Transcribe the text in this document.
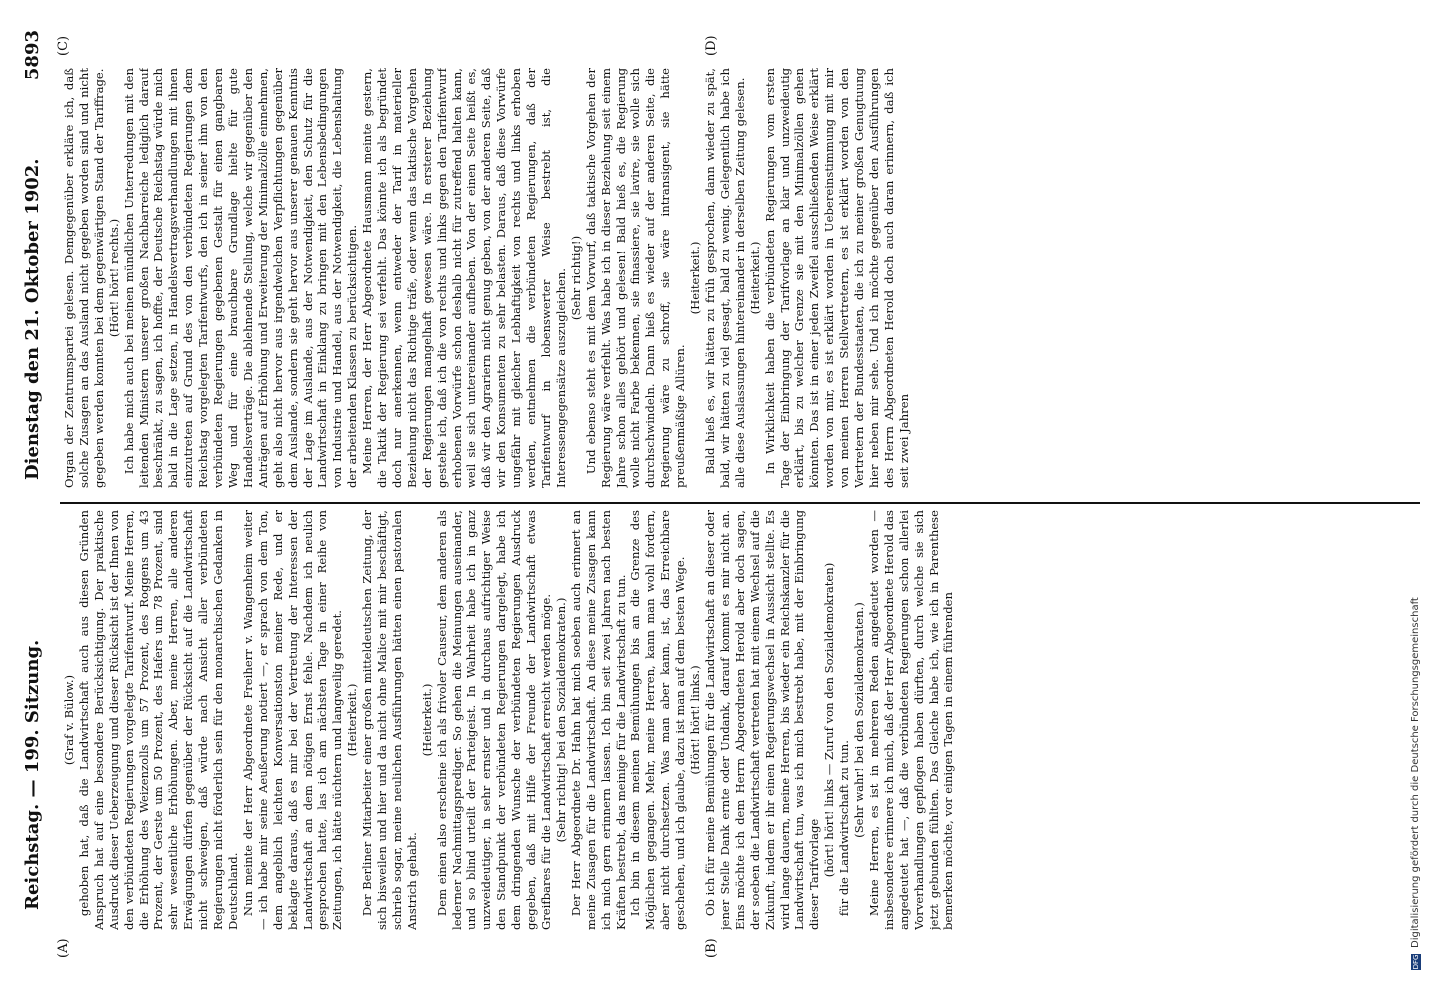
Reichstag. — 199. Sitzung.
Dienstag den 21. Oktober 1902.
5893
(A)	(B)
(C)	(D)

(Graf v. Bülow.) gehoben hat, daß die Landwirtschaft auch aus diesen Gründen Anspruch hat auf eine besondere Berücksichtigung. Der praktische Ausdruck dieser Ueberzeugung und dieser Rücksicht ist der Ihnen von den verbündeten Regierungen vorgelegte Tarifentwurf. Meine Herren, die Erhöhung des Weizenzolls um 57 Prozent, des Roggens um 43 Prozent, der Gerste um 50 Prozent, des Hafers um 78 Prozent, sind sehr wesentliche Erhöhungen. Aber, meine Herren, alle anderen Erwägungen dürfen gegenüber der Rücksicht auf die Landwirtschaft nicht schweigen, daß würde nach Ansicht aller verbündeten Regierungen nicht förderlich sein für den monarchischen Gedanken in Deutschland. Nun meinte der Herr Abgeordnete Freiherr v. Wangenheim weiter — ich habe mir seine Aeußerung notiert —, er sprach von dem Ton, dem angeblich leichten Konversationston meiner Rede, und er beklagte daraus, daß es mir bei der Vertretung der Interessen der Landwirtschaft an dem nötigen Ernst fehle. Nachdem ich neulich gesprochen hatte, las ich am nächsten Tage in einer Reihe von Zeitungen, ich hätte nüchtern und langweilig geredet. (Heiterkeit.) Der Berliner Mitarbeiter einer großen mitteldeutschen Zeitung, der sich bisweilen und hier und da nicht ohne Malice mit mir beschäftigt, schrieb sogar, meine neulichen Ausführungen hätten einen pastoralen Anstrich gehabt.

(Heiterkeit.) Dem einen also erscheine ich als frivoler Causeur, dem anderen als lederner Nachmittagsprediger. So gehen die Meinungen auseinander, und so blind urteilt der Parteigeist. In Wahrheit habe ich in ganz unzweideutiger, in sehr ernster und in durchaus aufrichtiger Weise den Standpunkt der verbündeten Regierungen dargelegt, habe ich dem dringenden Wunsche der verbündeten Regierungen Ausdruck gegeben, daß mit Hilfe der Freunde der Landwirtschaft etwas Greifbares für die Landwirtschaft erreicht werden möge. (Sehr richtig! bei den Sozialdemokraten.) Der Herr Abgeordnete Dr. Hahn hat mich soeben auch erinnert an meine Zusagen für die Landwirtschaft. An diese meine Zusagen kann ich mich gern erinnern lassen. Ich bin seit zwei Jahren nach besten Kräften bestrebt, das meinige für die Landwirtschaft zu tun. Ich bin in diesem meinen Bemühungen bis an die Grenze des Möglichen gegangen. Mehr, meine Herren, kann man wohl fordern, aber nicht durchsetzen. Was man aber kann, ist, das Erreichbare geschehen, und ich glaube, dazu ist man auf dem besten Wege. (Hört! hört! links.) Ob ich für meine Bemühungen für die Landwirtschaft an dieser oder jener Stelle Dank ernte oder Undank, darauf kommt es mir nicht an. Eins möchte ich dem Herrn Abgeordneten Herold aber doch sagen, der soeben die Landwirtschaft vertreten hat mit einem Wechsel auf die Zukunft, indem er ihr einen Regierungswechsel in Aussicht stellte. Es wird lange dauern, meine Herren, bis wieder ein Reichskanzler für die Landwirtschaft tun, was ich mich bestrebt habe, mit der Einbringung dieser Tarifvorlage (hört! hört! links — Zuruf von den Sozialdemokraten) für die Landwirtschaft zu tun. (Sehr wahr! bei den Sozialdemokraten.) Meine Herren, es ist in mehreren Reden angedeutet worden — insbesondere erinnere ich mich, daß der Herr Abgeordnete Herold das angedeutet hat —, daß die verbündeten Regierungen schon allerlei Vorverhandlungen gepflogen haben dürften, durch welche sie sich jetzt gebunden fühlten. Das Gleiche habe ich, wie ich in Parenthese bemerken möchte, vor einigen Tagen in einem führenden

Organ der Zentrumspartei gelesen. Demgegenüber erkläre ich, daß solche Zusagen an das Ausland nicht gegeben worden sind und nicht gegeben werden konnten bei dem gegenwärtigen Stand der Tariffrage. (Hört! hört! rechts.) Ich habe mich auch bei meinen mündlichen Unterredungen mit den leitenden Ministern unserer großen Nachbarreiche lediglich darauf beschränkt, zu sagen, ich hoffte, der Deutsche Reichstag würde mich bald in die Lage setzen, in Handelsvertragsverhandlungen mit ihnen einzutreten auf Grund des von den verbündeten Regierungen dem Reichstag vorgelegten Tarifentwurfs, den ich in seiner ihm von den verbündeten Regierungen gegebenen Gestalt für einen gangbaren Weg und für eine brauchbare Grundlage hielte für gute Handelsverträge. Die ablehnende Stellung, welche wir gegenüber den Anträgen auf Erhöhung und Erweiterung der Minimalzölle einnehmen, geht also nicht hervor aus irgendwelchen Verpflichtungen gegenüber dem Auslande, sondern sie geht hervor aus unserer genauen Kenntnis der Lage im Auslande, aus der Notwendigkeit, den Schutz für die Landwirtschaft in Einklang zu bringen mit den Lebensbedingungen von Industrie und Handel, aus der Notwendigkeit, die Lebenshaltung der arbeitenden Klassen zu berücksichtigen. Meine Herren, der Herr Abgeordnete Hausmann meinte gestern, die Taktik der Regierung sei verfehlt. Das könnte ich als begründet doch nur anerkennen, wenn entweder der Tarif in materieller Beziehung nicht das Richtige träfe, oder wenn das taktische Vorgehen der Regierungen mangelhaft gewesen wäre. In ersterer Beziehung gestehe ich, daß ich die von rechts und links gegen den Tarifentwurf erhobenen Vorwürfe schon deshalb nicht für zutreffend halten kann, weil sie sich untereinander aufheben. Von der einen Seite heißt es, daß wir den Agrariern nicht genug geben, von der anderen Seite, daß wir den Konsumenten zu sehr belasten. Daraus, daß diese Vorwürfe ungefähr mit gleicher Lebhaftigkeit von rechts und links erhoben werden, entnehmen die verbündeten Regierungen, daß der Tarifentwurf in lobenswerter Weise bestrebt ist, die Interessengegensätze auszugleichen. (Sehr richtig!) Und ebenso steht es mit dem Vorwurf, daß taktische Vorgehen der Regierung wäre verfehlt. Was habe ich in dieser Beziehung seit einem Jahre schon alles gehört und gelesen! Bald hieß es, die Regierung wolle nicht Farbe bekennen, sie finassiere, sie lavire, sie wolle sich durchschwindeln. Dann hieß es wieder auf der anderen Seite, die Regierung wäre zu schroff, sie wäre intransigent, sie hätte preußenmäßige Allüren.

(Heiterkeit.) Bald hieß es, wir hätten zu früh gesprochen, dann wieder zu spät, bald, wir hätten zu viel gesagt, bald zu wenig. Gelegentlich habe ich alle diese Auslassungen hintereinander in derselben Zeitung gelesen. (Heiterkeit.) In Wirklichkeit haben die verbündeten Regierungen vom ersten Tage der Einbringung der Tarifvorlage an klar und unzweideutig erklärt, bis zu welcher Grenze sie mit den Minimalzöllen gehen könnten. Das ist in einer jeden Zweifel ausschließenden Weise erklärt worden von mir, es ist erklärt worden in Uebereinstimmung mit mir von meinen Herren Stellvertretern, es ist erklärt worden von den Vertretern der Bundesstaaten, die ich zu meiner großen Genugtuung hier neben mir sehe. Und ich möchte gegenüber den Ausführungen des Herrn Abgeordneten Herold doch auch daran erinnern, daß ich seit zwei Jahren

DFG
Digitalisierung gefördert durch die Deutsche Forschungsgemeinschaft
